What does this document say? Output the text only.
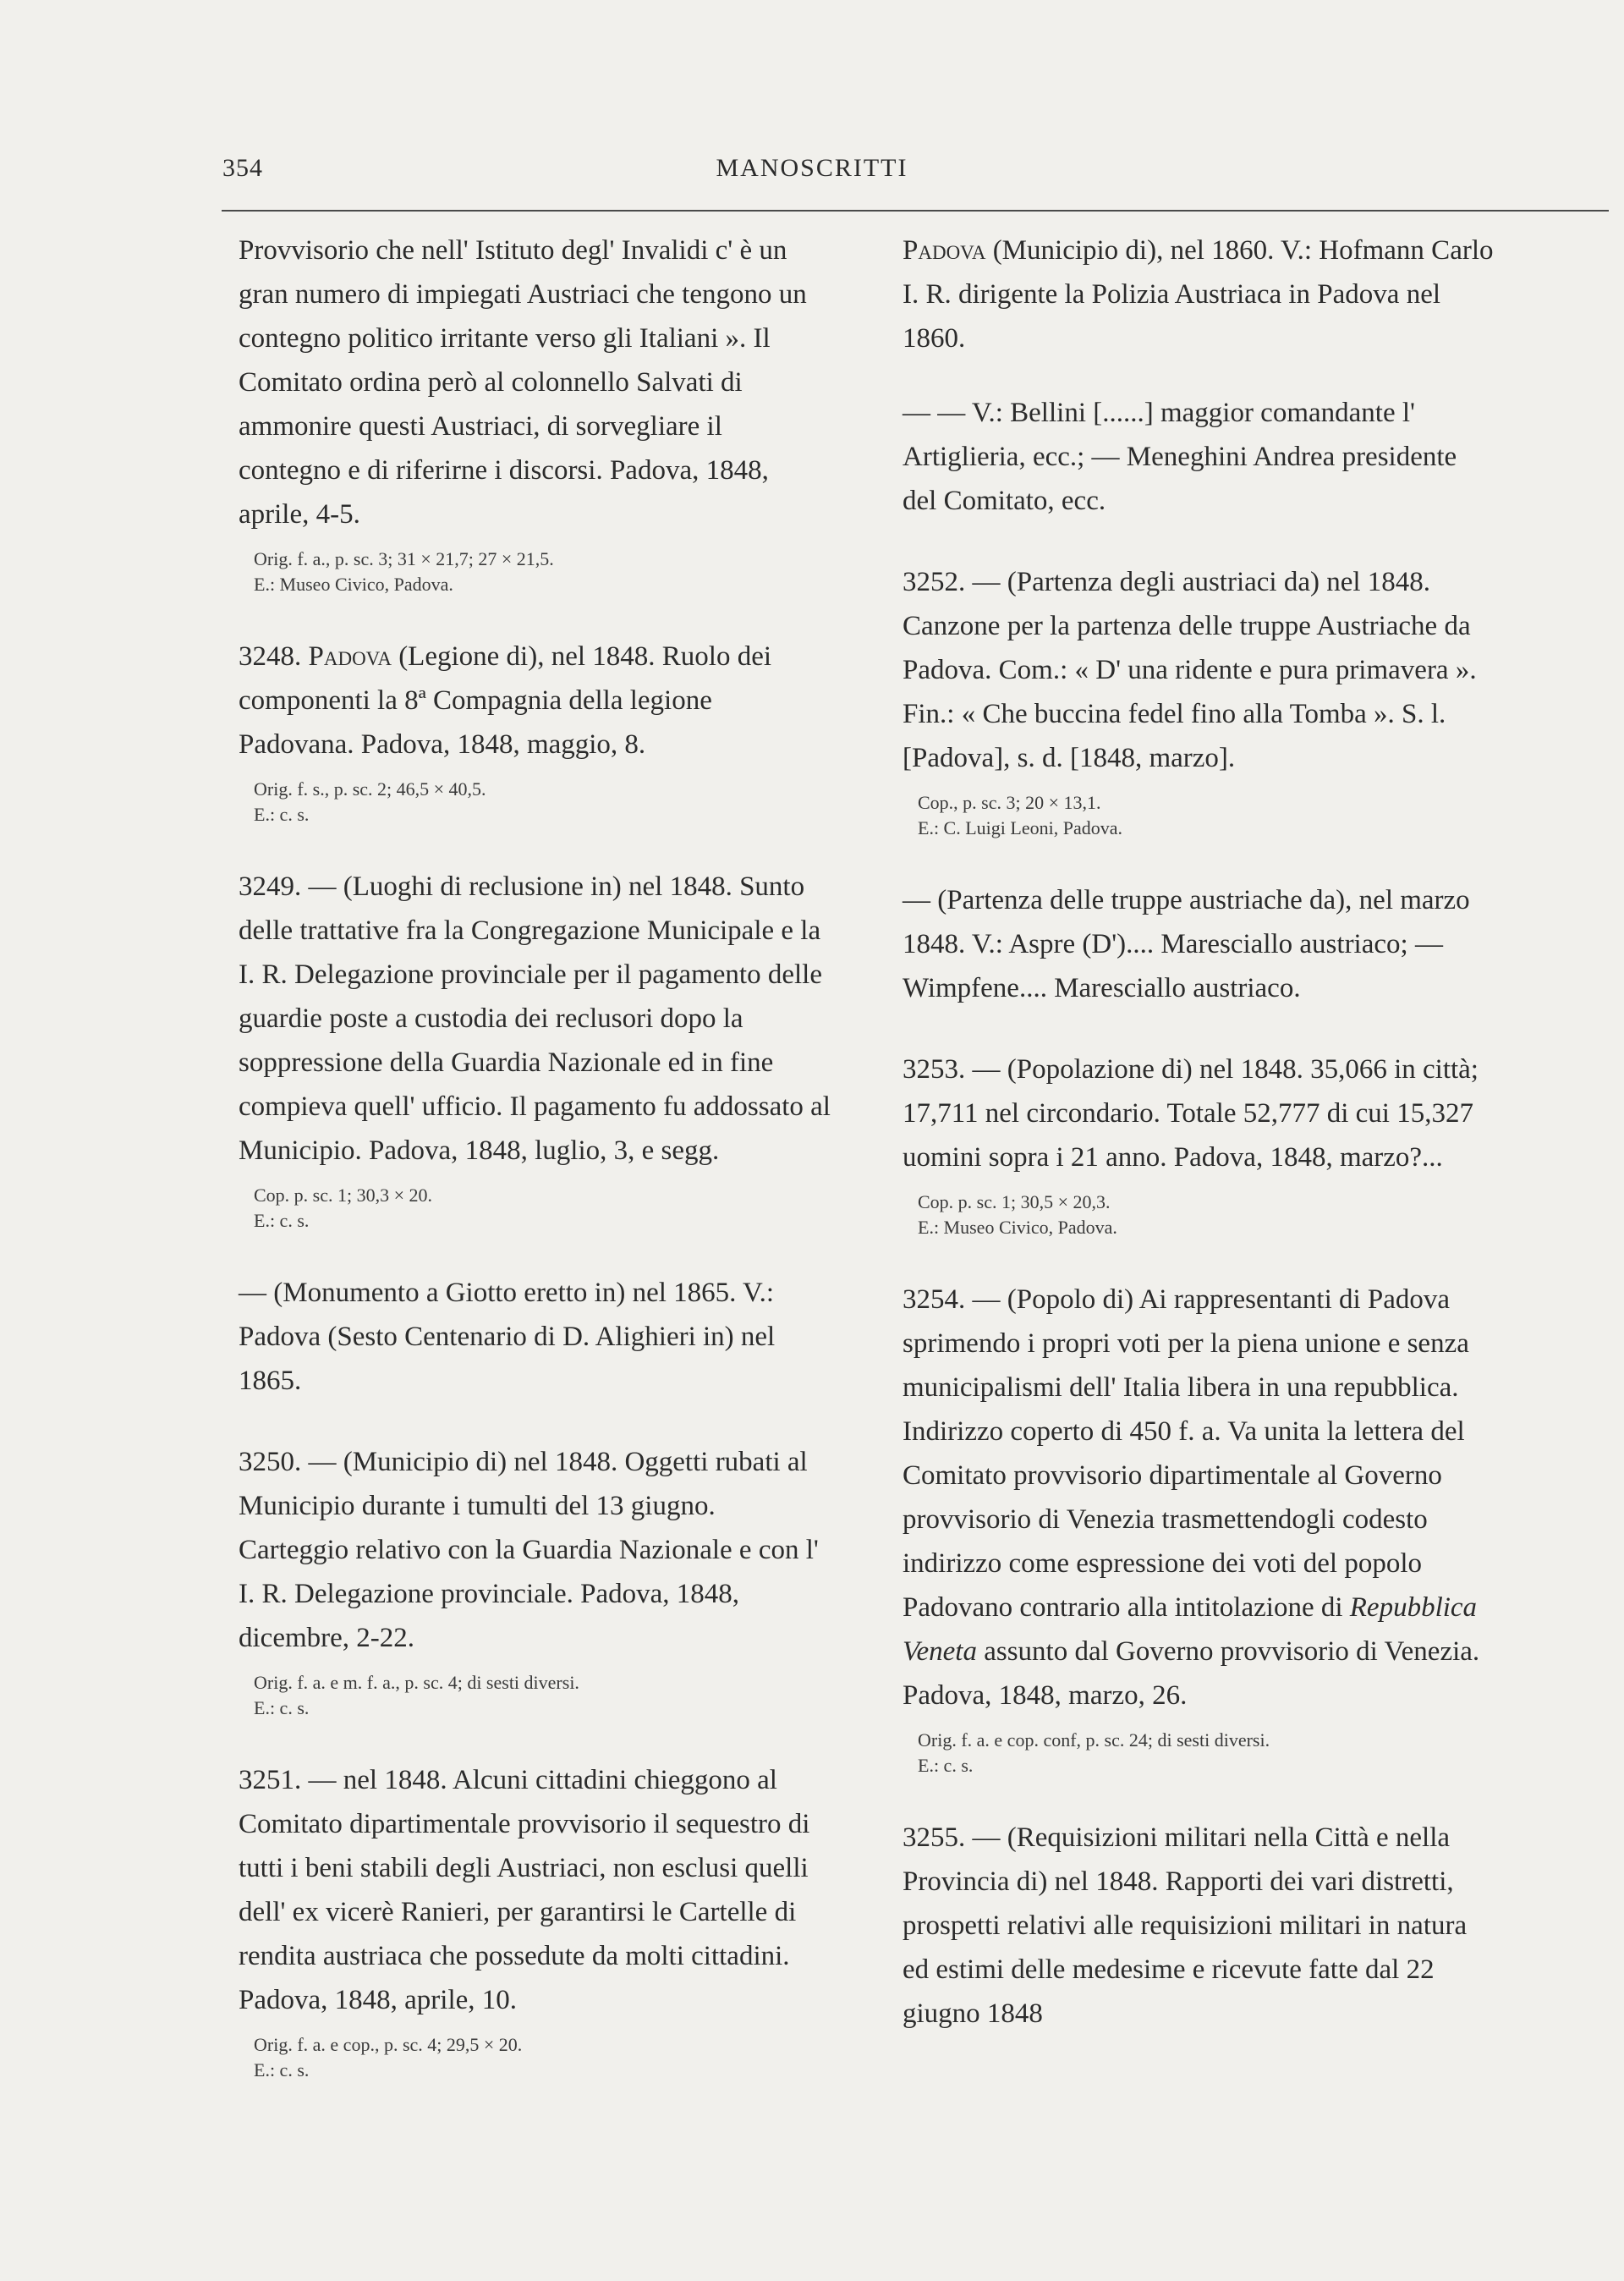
354	MANOSCRITTI

Provvisorio che nell' Istituto degl' Invalidi c' è un gran numero di impiegati Austriaci che tengono un contegno politico irritante verso gli Italiani ». Il Comitato ordina però al colonnello Salvati di ammonire questi Austriaci, di sorvegliare il contegno e di riferirne i discorsi. Padova, 1848, aprile, 4-5.

Orig. f. a., p. sc. 3; 31 × 21,7; 27 × 21,5.
E.: Museo Civico, Padova.

3248. Padova (Legione di), nel 1848. Ruolo dei componenti la 8ª Compagnia della legione Padovana. Padova, 1848, maggio, 8.

Orig. f. s., p. sc. 2; 46,5 × 40,5.
E.: c. s.

3249. — (Luoghi di reclusione in) nel 1848. Sunto delle trattative fra la Congregazione Municipale e la I. R. Delegazione provinciale per il pagamento delle guardie poste a custodia dei reclusori dopo la soppressione della Guardia Nazionale ed in fine compieva quell' ufficio. Il pagamento fu addossato al Municipio. Padova, 1848, luglio, 3, e segg.

Cop. p. sc. 1; 30,3 × 20.
E.: c. s.

— (Monumento a Giotto eretto in) nel 1865. V.: Padova (Sesto Centenario di D. Alighieri in) nel 1865.

3250. — (Municipio di) nel 1848. Oggetti rubati al Municipio durante i tumulti del 13 giugno. Carteggio relativo con la Guardia Nazionale e con l' I. R. Delegazione provinciale. Padova, 1848, dicembre, 2-22.

Orig. f. a. e m. f. a., p. sc. 4; di sesti diversi.
E.: c. s.

3251. — nel 1848. Alcuni cittadini chieggono al Comitato dipartimentale provvisorio il sequestro di tutti i beni stabili degli Austriaci, non esclusi quelli dell' ex vicerè Ranieri, per garantirsi le Cartelle di rendita austriaca che possedute da molti cittadini. Padova, 1848, aprile, 10.

Orig. f. a. e cop., p. sc. 4; 29,5 × 20.
E.: c. s.

Padova (Municipio di), nel 1860. V.: Hofmann Carlo I. R. dirigente la Polizia Austriaca in Padova nel 1860.

— — V.: Bellini [......] maggior comandante l' Artiglieria, ecc.; — Meneghini Andrea presidente del Comitato, ecc.

3252. — (Partenza degli austriaci da) nel 1848. Canzone per la partenza delle truppe Austriache da Padova. Com.: « D' una ridente e pura primavera ». Fin.: « Che buccina fedel fino alla Tomba ». S. l. [Padova], s. d. [1848, marzo].

Cop., p. sc. 3; 20 × 13,1.
E.: C. Luigi Leoni, Padova.

— (Partenza delle truppe austriache da), nel marzo 1848. V.: Aspre (D').... Maresciallo austriaco; — Wimpfene.... Maresciallo austriaco.

3253. — (Popolazione di) nel 1848. 35,066 in città; 17,711 nel circondario. Totale 52,777 di cui 15,327 uomini sopra i 21 anno. Padova, 1848, marzo?...

Cop. p. sc. 1; 30,5 × 20,3.
E.: Museo Civico, Padova.

3254. — (Popolo di) Ai rappresentanti di Padova sprimendo i propri voti per la piena unione e senza municipalismi dell' Italia libera in una repubblica. Indirizzo coperto di 450 f. a. Va unita la lettera del Comitato provvisorio dipartimentale al Governo provvisorio di Venezia trasmettendogli codesto indirizzo come espressione dei voti del popolo Padovano contrario alla intitolazione di Repubblica Veneta assunto dal Governo provvisorio di Venezia. Padova, 1848, marzo, 26.

Orig. f. a. e cop. conf, p. sc. 24; di sesti diversi.
E.: c. s.

3255. — (Requisizioni militari nella Città e nella Provincia di) nel 1848. Rapporti dei vari distretti, prospetti relativi alle requisizioni militari in natura ed estimi delle medesime e ricevute fatte dal 22 giugno 1848
